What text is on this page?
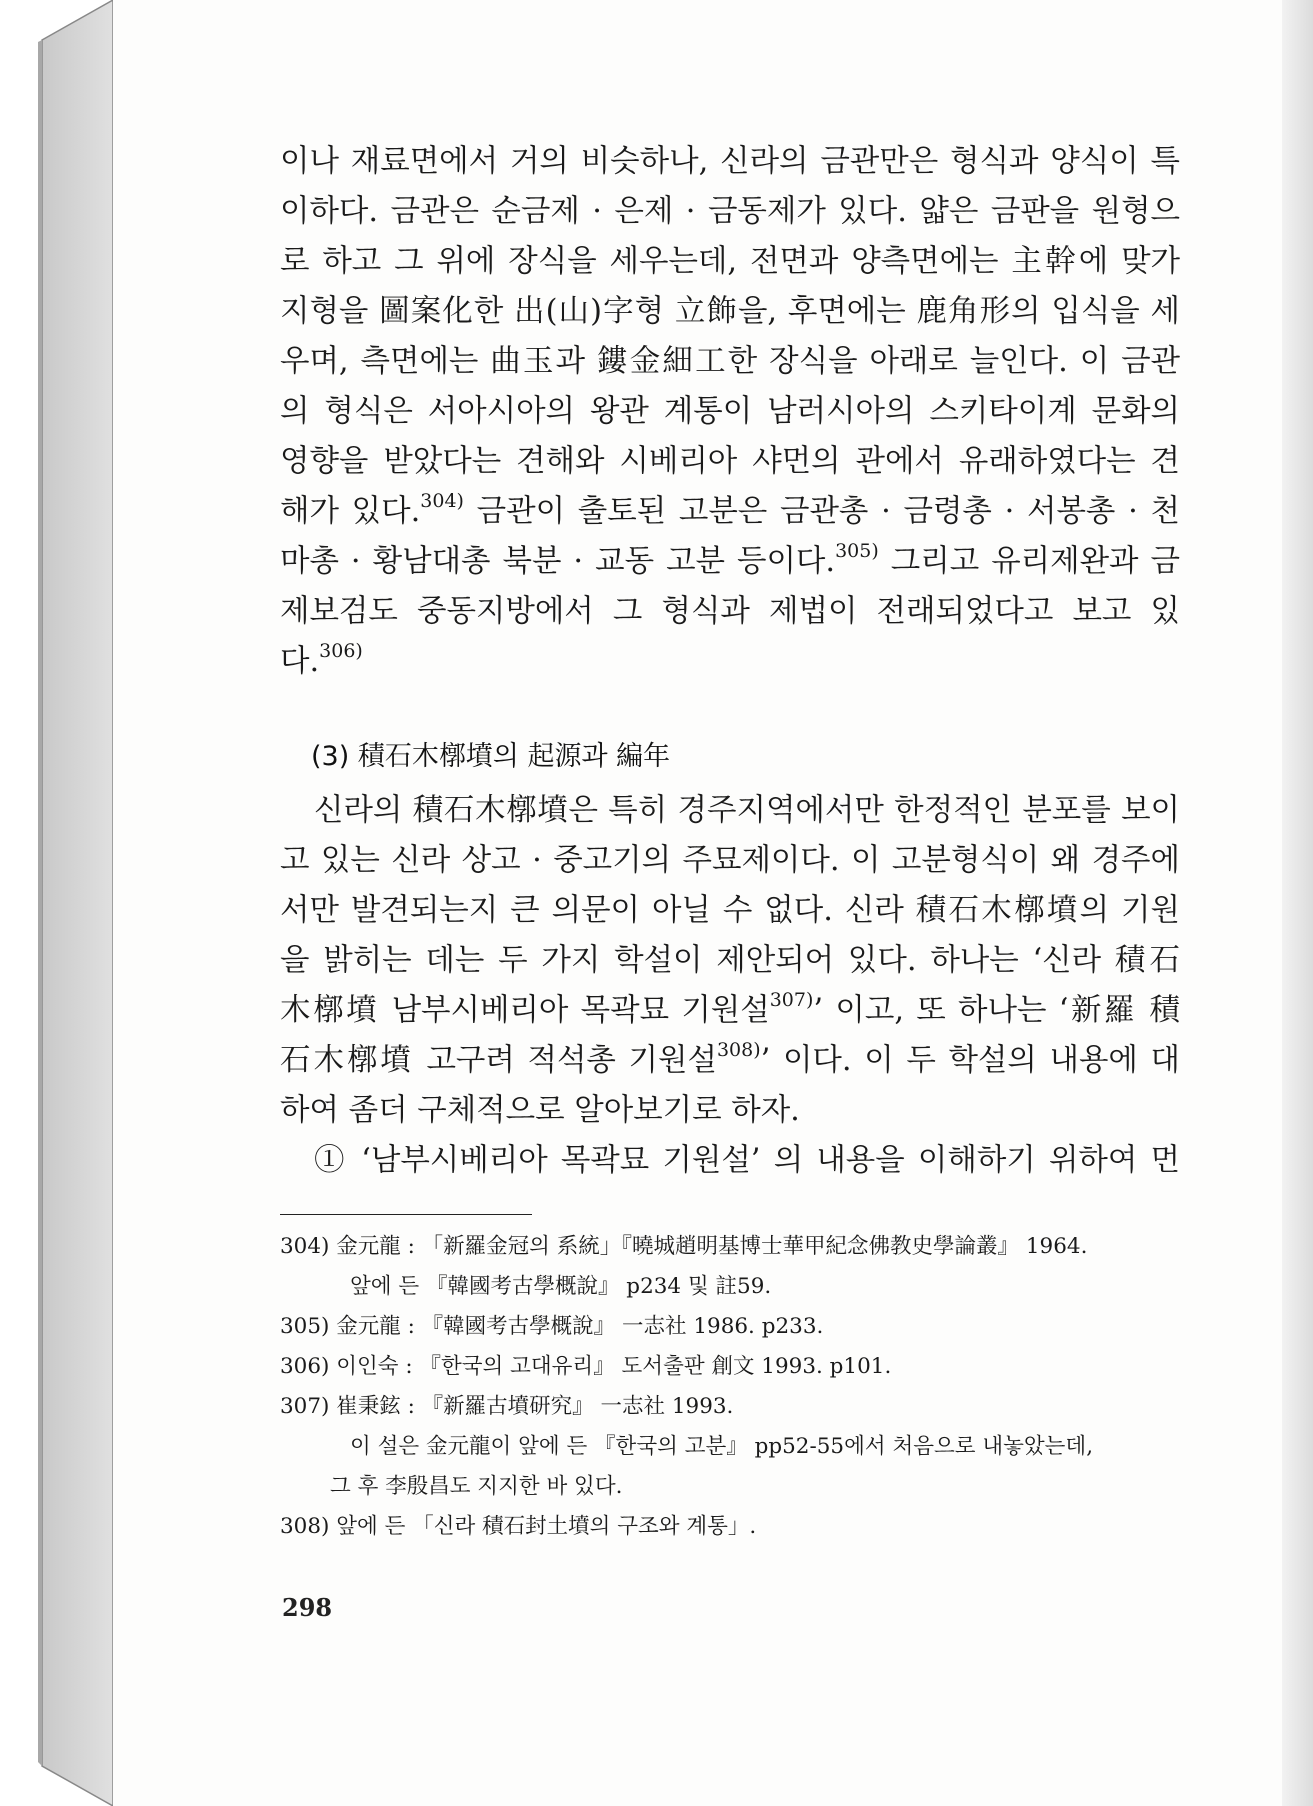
이나 재료면에서 거의 비슷하나, 신라의 금관만은 형식과 양식이 특
이하다. 금관은 순금제 · 은제 · 금동제가 있다. 얇은 금판을 원형으
로 하고 그 위에 장식을 세우는데, 전면과 양측면에는 主幹에 맞가
지형을 圖案化한 出(山)字형 立飾을, 후면에는 鹿角形의 입식을 세
우며, 측면에는 曲玉과 鏤金細工한 장식을 아래로 늘인다. 이 금관
의 형식은 서아시아의 왕관 계통이 남러시아의 스키타이계 문화의
영향을 받았다는 견해와 시베리아 샤먼의 관에서 유래하였다는 견
해가 있다.$^{304)}$ 금관이 출토된 고분은 금관총 · 금령총 · 서봉총 · 천
마총 · 황남대총 북분 · 교동 고분 등이다.$^{305)}$ 그리고 유리제완과 금
제보검도 중동지방에서 그 형식과 제법이 전래되었다고 보고 있
다.$^{306)}$
(3) 積石木槨墳의 起源과 編年
신라의 積石木槨墳은 특히 경주지역에서만 한정적인 분포를 보이
고 있는 신라 상고 · 중고기의 주묘제이다. 이 고분형식이 왜 경주에
서만 발견되는지 큰 의문이 아닐 수 없다. 신라 積石木槨墳의 기원
을 밝히는 데는 두 가지 학설이 제안되어 있다. 하나는 ‘신라 積石
木槨墳 남부시베리아 목곽묘 기원설$^{307)}$’ 이고, 또 하나는 ‘新羅 積
石木槨墳 고구려 적석총 기원설$^{308)}$’ 이다. 이 두 학설의 내용에 대
하여 좀더 구체적으로 알아보기로 하자.
① ‘남부시베리아 목곽묘 기원설’ 의 내용을 이해하기 위하여 먼
304) 金元龍 : 「新羅金冠의 系統」『曉城趙明基博士華甲紀念佛教史學論叢』 1964.
앞에 든 『韓國考古學概說』 p234 및 註59.
305) 金元龍 : 『韓國考古學概說』 一志社 1986. p233.
306) 이인숙 : 『한국의 고대유리』 도서출판 創文 1993. p101.
307) 崔秉鉉 : 『新羅古墳研究』 一志社 1993.
이 설은 金元龍이 앞에 든 『한국의 고분』 pp52-55에서 처음으로 내놓았는데,
그 후 李殷昌도 지지한 바 있다.
308) 앞에 든 「신라 積石封土墳의 구조와 계통」.
298
